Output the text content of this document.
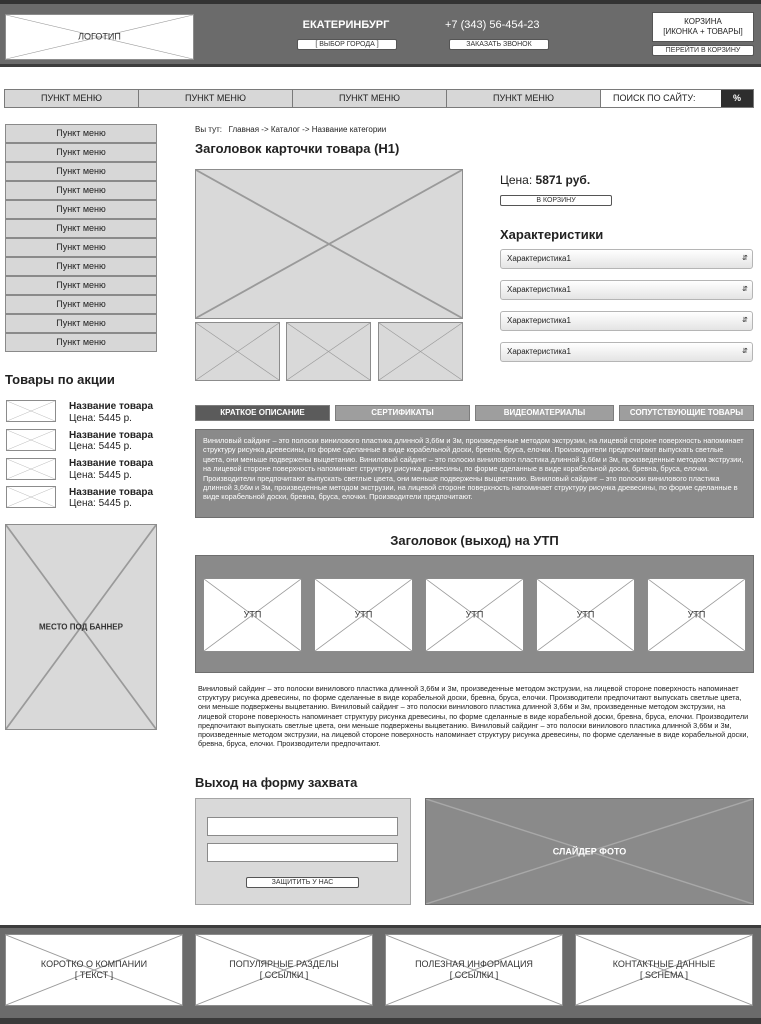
ЛОГОТИП
ЕКАТЕРИНБУРГ
[ ВЫБОР ГОРОДА ]
+7 (343) 56-454-23
ЗАКАЗАТЬ ЗВОНОК
КОРЗИНА
[ИКОНКА + ТОВАРЫ]
ПЕРЕЙТИ В КОРЗИНУ
ПУНКТ МЕНЮ	ПУНКТ МЕНЮ	ПУНКТ МЕНЮ	ПУНКТ МЕНЮ	ПОИСК ПО САЙТУ:	%
Пункт меню
Пункт меню
Пункт меню
Пункт меню
Пункт меню
Пункт меню
Пункт меню
Пункт меню
Пункт меню
Пункт меню
Пункт меню
Пункт меню
Товары по акции
Название товара
Цена: 5445 р.
Название товара
Цена: 5445 р.
Название товара
Цена: 5445 р.
Название товара
Цена: 5445 р.
МЕСТО ПОД БАННЕР
Вы тут: Главная -> Каталог -> Название категории
Заголовок карточки товара (H1)
Цена: 5871 руб.
В КОРЗИНУ
Характеристики
Характеристика1	⇵
Характеристика1	⇵
Характеристика1	⇵
Характеристика1	⇵
КРАТКОЕ ОПИСАНИЕ	СЕРТИФИКАТЫ	ВИДЕОМАТЕРИАЛЫ	СОПУТСТВУЮЩИЕ ТОВАРЫ
Виниловый сайдинг – это полоски винилового пластика длинной 3,66м и 3м, произведенные методом экструзии, на лицевой стороне поверхность напоминает структуру рисунка древесины, по форме сделанные в виде корабельной доски, бревна, бруса, елочки. Производители предпочитают выпускать светлые цвета, они меньше подвержены выцветанию. Виниловый сайдинг – это полоски винилового пластика длинной 3,66м и 3м, произведенные методом экструзии, на лицевой стороне поверхность напоминает структуру рисунка древесины, по форме сделанные в виде корабельной доски, бревна, бруса, елочки. Производители предпочитают выпускать светлые цвета, они меньше подвержены выцветанию. Виниловый сайдинг – это полоски винилового пластика длинной 3,66м и 3м, произведенные методом экструзии, на лицевой стороне поверхность напоминает структуру рисунка древесины, по форме сделанные в виде корабельной доски, бревна, бруса, елочки. Производители предпочитают.
Заголовок (выход) на УТП
УТП	УТП	УТП	УТП	УТП
Виниловый сайдинг – это полоски винилового пластика длинной 3,66м и 3м, произведенные методом экструзии, на лицевой стороне поверхность напоминает структуру рисунка древесины, по форме сделанные в виде корабельной доски, бревна, бруса, елочки. Производители предпочитают выпускать светлые цвета, они меньше подвержены выцветанию. Виниловый сайдинг – это полоски винилового пластика длинной 3,66м и 3м, произведенные методом экструзии, на лицевой стороне поверхность напоминает структуру рисунка древесины, по форме сделанные в виде корабельной доски, бревна, бруса, елочки. Производители предпочитают выпускать светлые цвета, они меньше подвержены выцветанию. Виниловый сайдинг – это полоски винилового пластика длинной 3,66м и 3м, произведенные методом экструзии, на лицевой стороне поверхность напоминает структуру рисунка древесины, по форме сделанные в виде корабельной доски, бревна, бруса, елочки. Производители предпочитают.
Выход на форму захвата
ЗАЩИТИТЬ У НАС
СЛАЙДЕР ФОТО
КОРОТКО О КОМПАНИИ
[ ТЕКСТ ]
ПОПУЛЯРНЫЕ РАЗДЕЛЫ
[ ССЫЛКИ ]
ПОЛЕЗНАЯ ИНФОРМАЦИЯ
[ ССЫЛКИ ]
КОНТАКТНЫЕ ДАННЫЕ
[ SCHEMA ]
